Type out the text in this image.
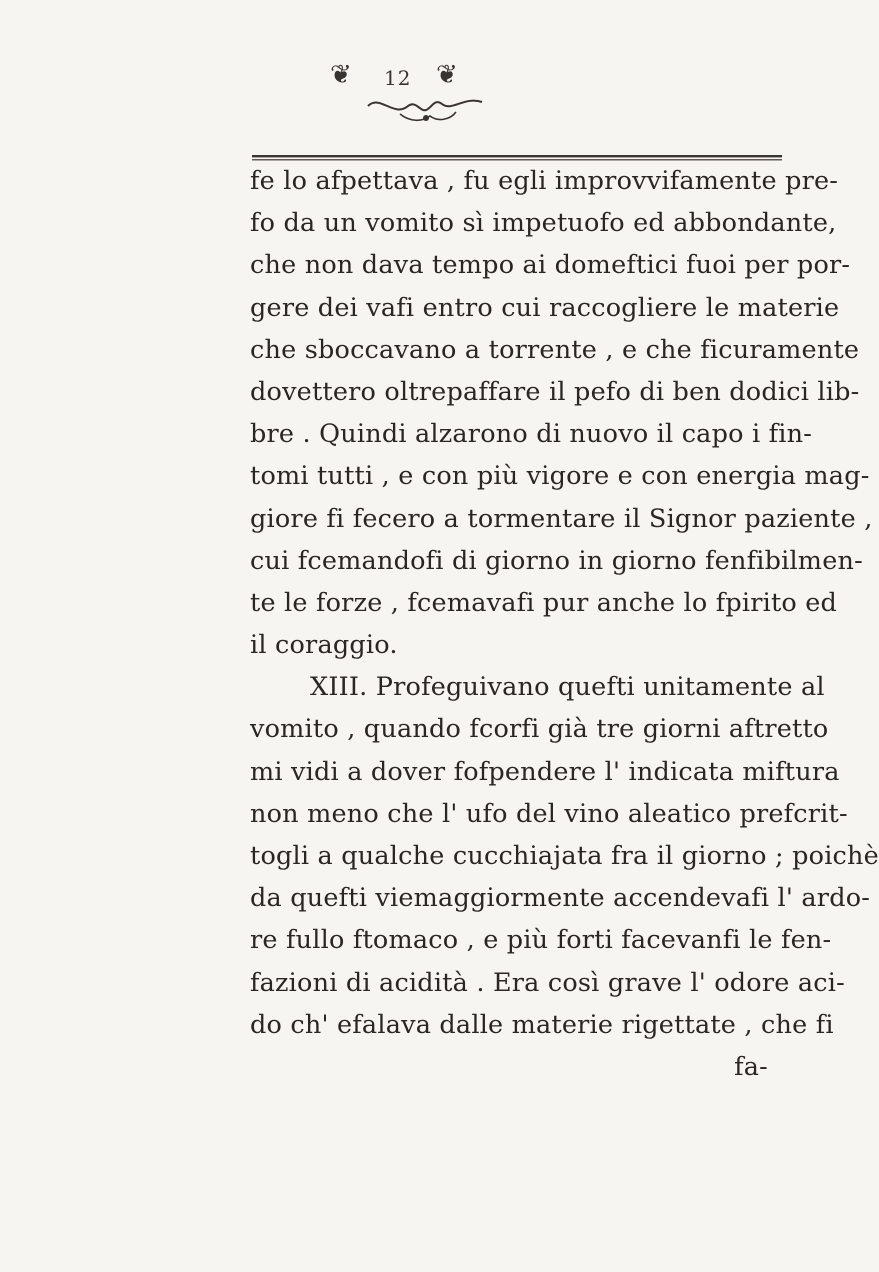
❦ 12 ❦
fe lo afpettava , fu egli improvvifamente pre-
fo da un vomito sì impetuofo ed abbondante,
che non dava tempo ai domeftici fuoi per por-
gere dei vafi entro cui raccogliere le materie
che sboccavano a torrente , e che ficuramente
dovettero oltrepaffare il pefo di ben dodici lib-
bre . Quindi alzarono di nuovo il capo i fin-
tomi tutti , e con più vigore e con energia mag-
giore fi fecero a tormentare il Signor paziente ,
cui fcemandofi di giorno in giorno fenfibilmen-
te le forze , fcemavafi pur anche lo fpirito ed
il coraggio.
XIII. Profeguivano quefti unitamente al
vomito , quando fcorfi già tre giorni aftretto
mi vidi a dover fofpendere l' indicata miftura
non meno che l' ufo del vino aleatico prefcrit-
togli a qualche cucchiajata fra il giorno ; poichè
da quefti viemaggiormente accendevafi l' ardo-
re fullo ftomaco , e più forti facevanfi le fen-
fazioni di acidità . Era così grave l' odore aci-
do ch' efalava dalle materie rigettate , che fi
fa-
